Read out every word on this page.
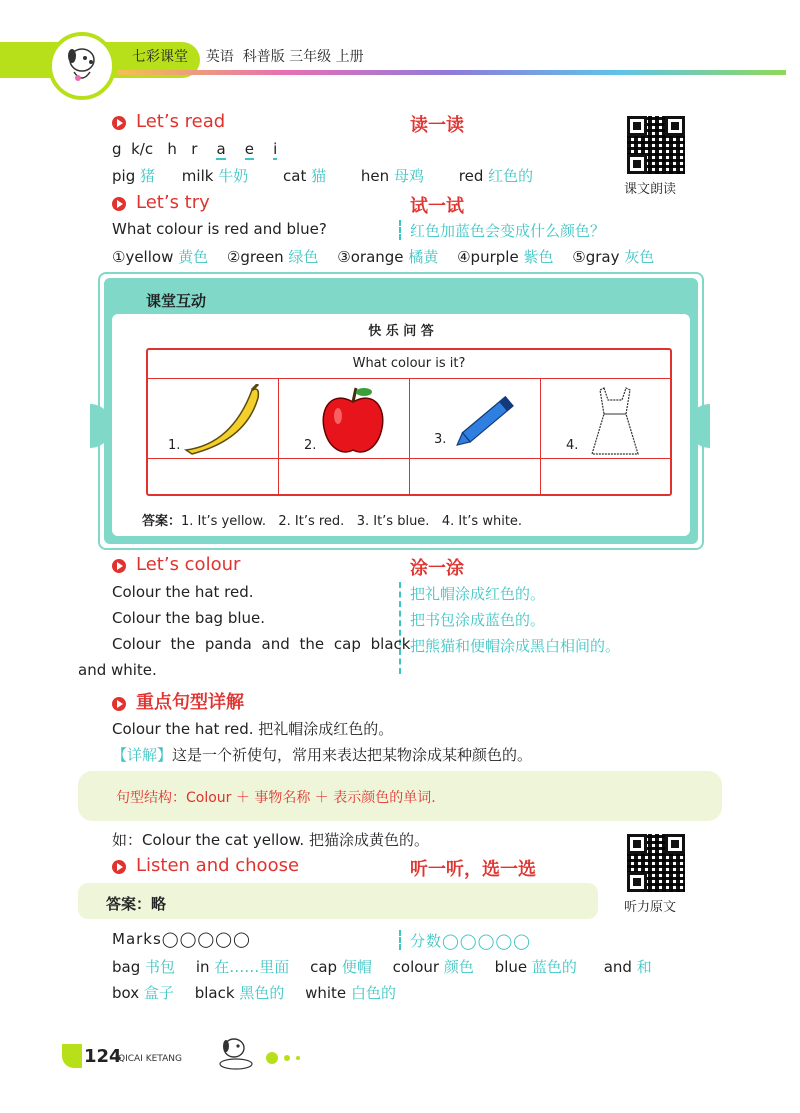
七彩课堂 英语 科普版 三年级 上册
Let’s read	读一读
g k/c h r a e i
pig 猪 milk 牛奶 cat 猫 hen 母鸡 red 红色的
课文朗读
Let’s try	试一试
What colour is red and blue?	红色加蓝色会变成什么颜色？
①yellow 黄色 ②green 绿色 ③orange 橘黄 ④purple 紫色 ⑤gray 灰色
课堂互动
快 乐 问 答
What colour is it?
1.	2.	3.	4.
答案：1. It’s yellow.   2. It’s red.   3. It’s blue.   4. It’s white.
Let’s colour	涂一涂
Colour the hat red.	把礼帽涂成红色的。
Colour the bag blue.	把书包涂成蓝色的。
Colour the panda and the cap black 把熊猫和便帽涂成黑白相间的。
and white.
重点句型详解
Colour the hat red. 把礼帽涂成红色的。
【详解】这是一个祈使句，常用来表达把某物涂成某种颜色的。
句型结构：Colour ＋ 事物名称 ＋ 表示颜色的单词.
如：Colour the cat yellow. 把猫涂成黄色的。
Listen and choose	听一听，选一选
听力原文
答案：略
Marks◯◯◯◯◯	分数◯◯◯◯◯
bag 书包 in 在……里面 cap 便帽 colour 颜色 blue 蓝色的 and 和
box 盒子 black 黑色的 white 白色的
124
QICAI KETANG
